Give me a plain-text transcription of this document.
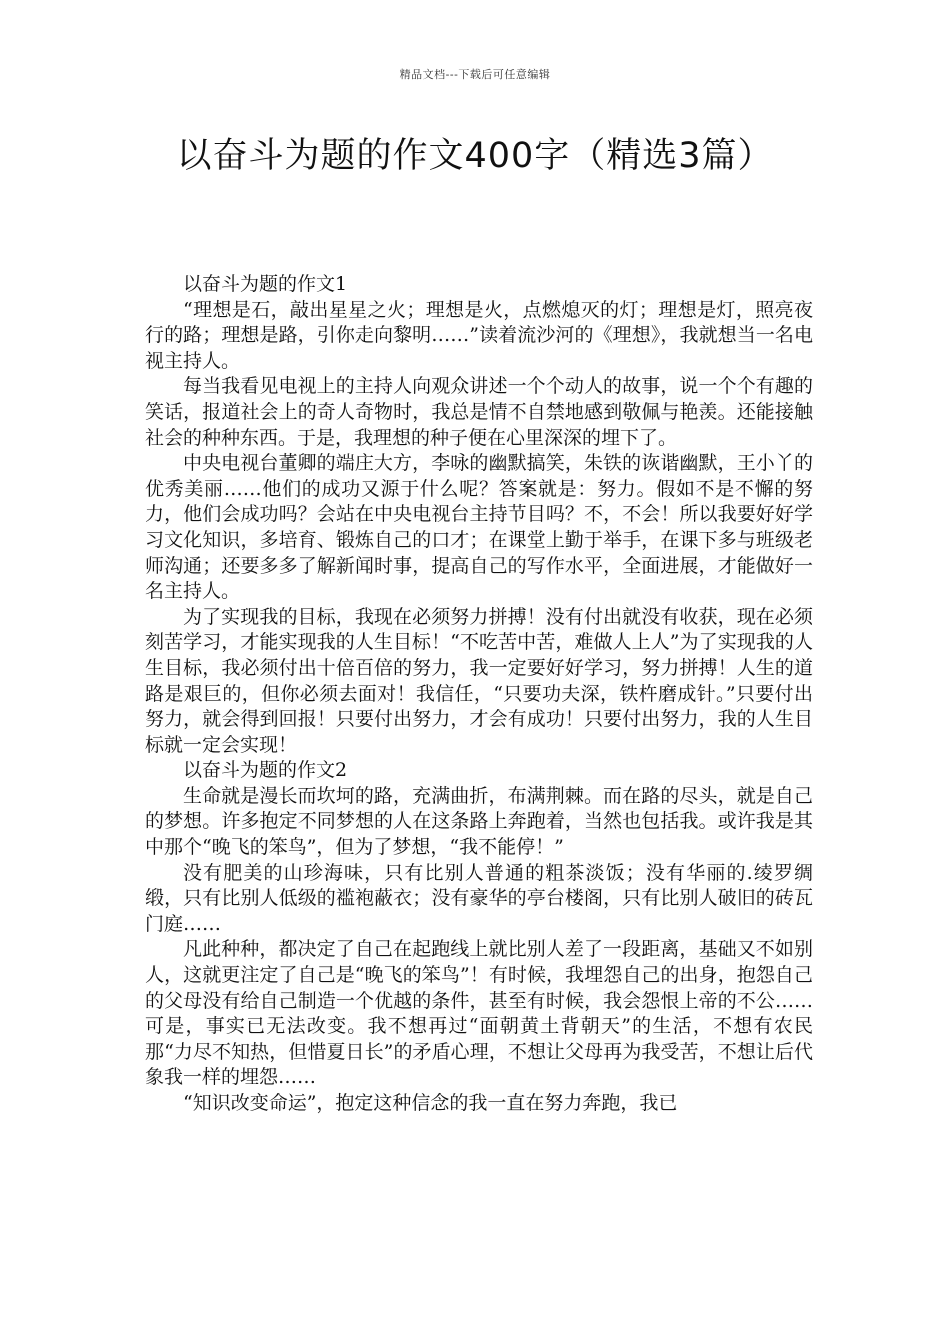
精品文档---下载后可任意编辑
以奋斗为题的作文400字（精选3篇）

以奋斗为题的作文1

“理想是石，敲出星星之火；理想是火，点燃熄灭的灯；理想是灯，照亮夜行的路；理想是路，引你走向黎明……”读着流沙河的《理想》，我就想当一名电视主持人。

每当我看见电视上的主持人向观众讲述一个个动人的故事，说一个个有趣的笑话，报道社会上的奇人奇物时，我总是情不自禁地感到敬佩与艳羡。还能接触社会的种种东西。于是，我理想的种子便在心里深深的埋下了。

中央电视台董卿的端庄大方，李咏的幽默搞笑，朱铁的诙谐幽默，王小丫的优秀美丽……他们的成功又源于什么呢？答案就是：努力。假如不是不懈的努力，他们会成功吗？会站在中央电视台主持节目吗？不，不会！所以我要好好学习文化知识，多培育、锻炼自己的口才；在课堂上勤于举手，在课下多与班级老师沟通；还要多多了解新闻时事，提高自己的写作水平，全面进展，才能做好一名主持人。

为了实现我的目标，我现在必须努力拼搏！没有付出就没有收获，现在必须刻苦学习，才能实现我的人生目标！“不吃苦中苦，难做人上人”为了实现我的人生目标，我必须付出十倍百倍的努力，我一定要好好学习，努力拼搏！人生的道路是艰巨的，但你必须去面对！我信任，“只要功夫深，铁杵磨成针。”只要付出努力，就会得到回报！只要付出努力，才会有成功！只要付出努力，我的人生目标就一定会实现！

以奋斗为题的作文2

生命就是漫长而坎坷的路，充满曲折，布满荆棘。而在路的尽头，就是自己的梦想。许多抱定不同梦想的人在这条路上奔跑着，当然也包括我。或许我是其中那个“晚飞的笨鸟”，但为了梦想，“我不能停！”

没有肥美的山珍海味，只有比别人普通的粗茶淡饭；没有华丽的.绫罗绸缎，只有比别人低级的褴袍蔽衣；没有豪华的亭台楼阁，只有比别人破旧的砖瓦门庭……

凡此种种，都决定了自己在起跑线上就比别人差了一段距离，基础又不如别人，这就更注定了自己是“晚飞的笨鸟”！有时候，我埋怨自己的出身，抱怨自己的父母没有给自己制造一个优越的条件，甚至有时候，我会怨恨上帝的不公……可是，事实已无法改变。我不想再过“面朝黄土背朝天”的生活，不想有农民那“力尽不知热，但惜夏日长”的矛盾心理，不想让父母再为我受苦，不想让后代象我一样的埋怨……

“知识改变命运”，抱定这种信念的我一直在努力奔跑，我已
